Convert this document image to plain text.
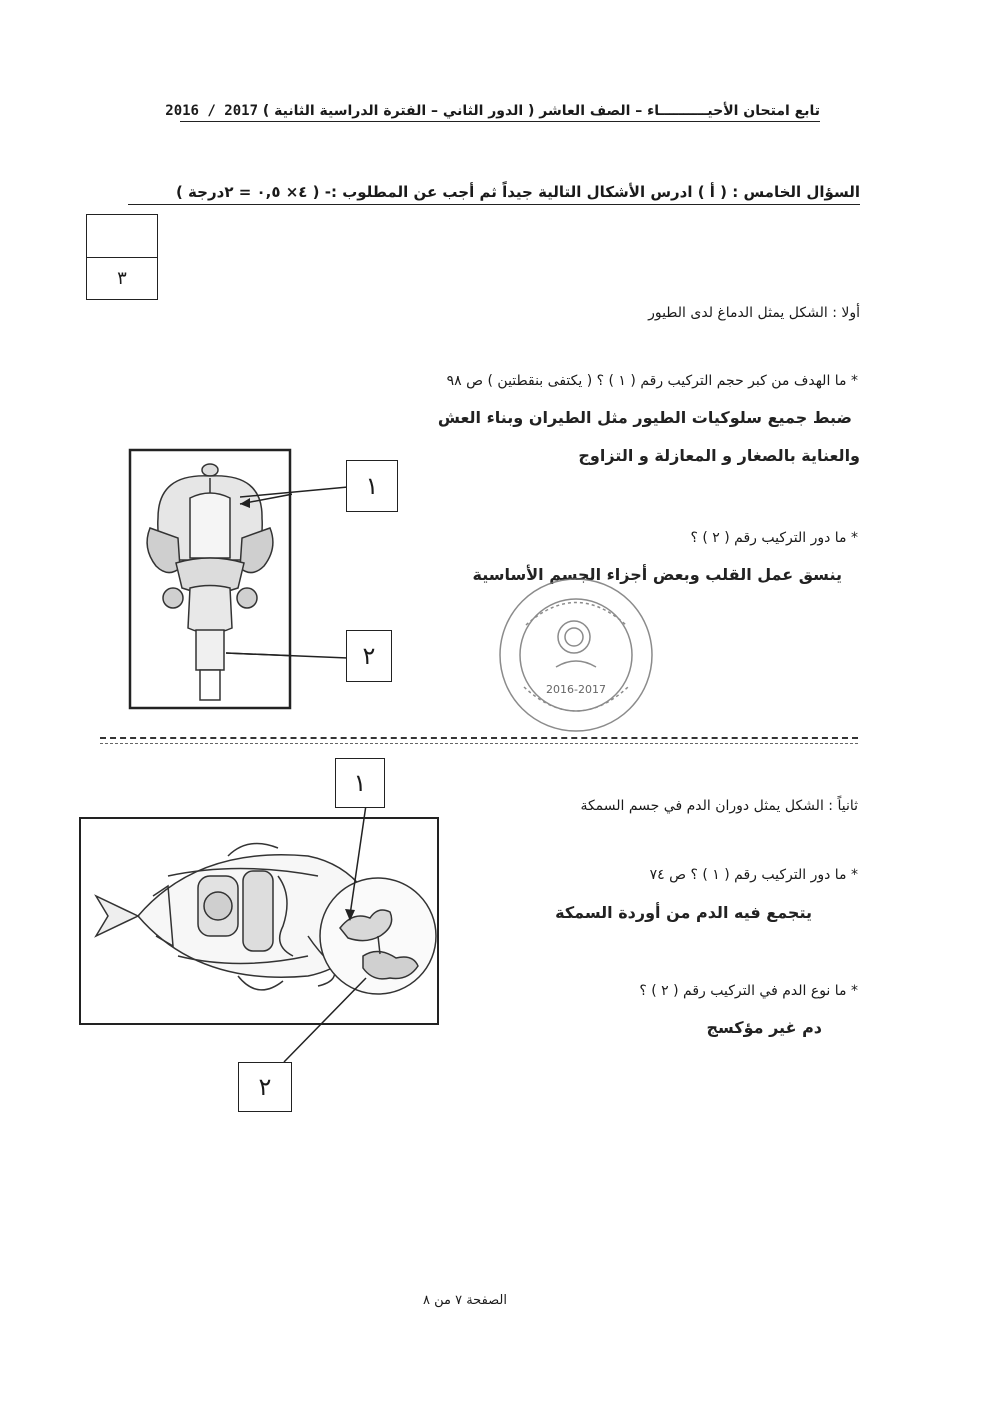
تابع امتحان الأحيــــــــــاء – الصف العاشر ( الدور الثاني – الفترة الدراسية الثانية ) 2017 / 2016
السؤال الخامس : ( أ ) ادرس الأشكال التالية جيداً ثم أجب عن المطلوب :- ( ٤× ٠,٥ = ٢درجة )
٣
أولا : الشكل يمثل الدماغ لدى الطيور
* ما الهدف من كبر حجم التركيب رقم ( ١ ) ؟ ( يكتفى بنقطتين ) ص ٩٨
ضبط جميع سلوكيات الطيور مثل الطيران وبناء العش
والعناية بالصغار و المعازلة و التزاوج
* ما دور التركيب رقم ( ٢ ) ؟
ينسق عمل القلب وبعض أجزاء الجسم الأساسية
١
٢
2016-2017
ثانياً : الشكل يمثل دوران الدم في جسم السمكة
* ما دور التركيب رقم ( ١ ) ؟ ص ٧٤
يتجمع فيه الدم من أوردة السمكة
* ما نوع الدم في التركيب رقم ( ٢ ) ؟
دم غير مؤكسج
١
٢
الصفحة ٧ من ٨
